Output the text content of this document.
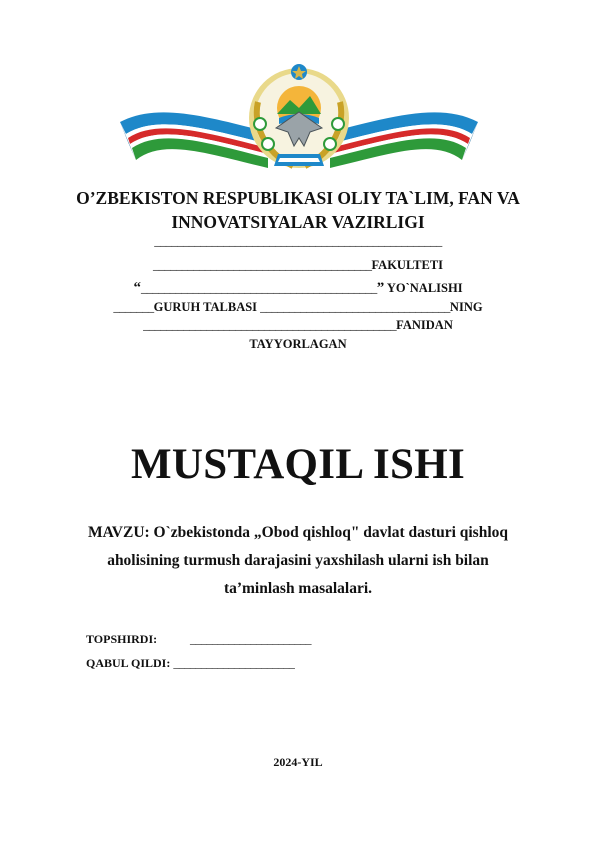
O’ZBEKISTON RESPUBLIKASI OLIY TA`LIM, FAN VA
INNOVATSIYALAR VAZIRLIGI
__________________________________________________
______________________________________FAKULTETI
“_________________________________________” YO`NALISHI
_______GURUH TALBASI _________________________________NING
____________________________________________FANIDAN
TAYYORLAGAN
MUSTAQIL ISHI
MAVZU: O`zbekistonda „Obod qishloq" davlat dasturi qishloq
aholisining turmush darajasini yaxshilash ularni ish bilan
ta’minlash masalalari.
TOPSHIRDI:	______________________
QABUL QILDI: ______________________
2024-YIL
